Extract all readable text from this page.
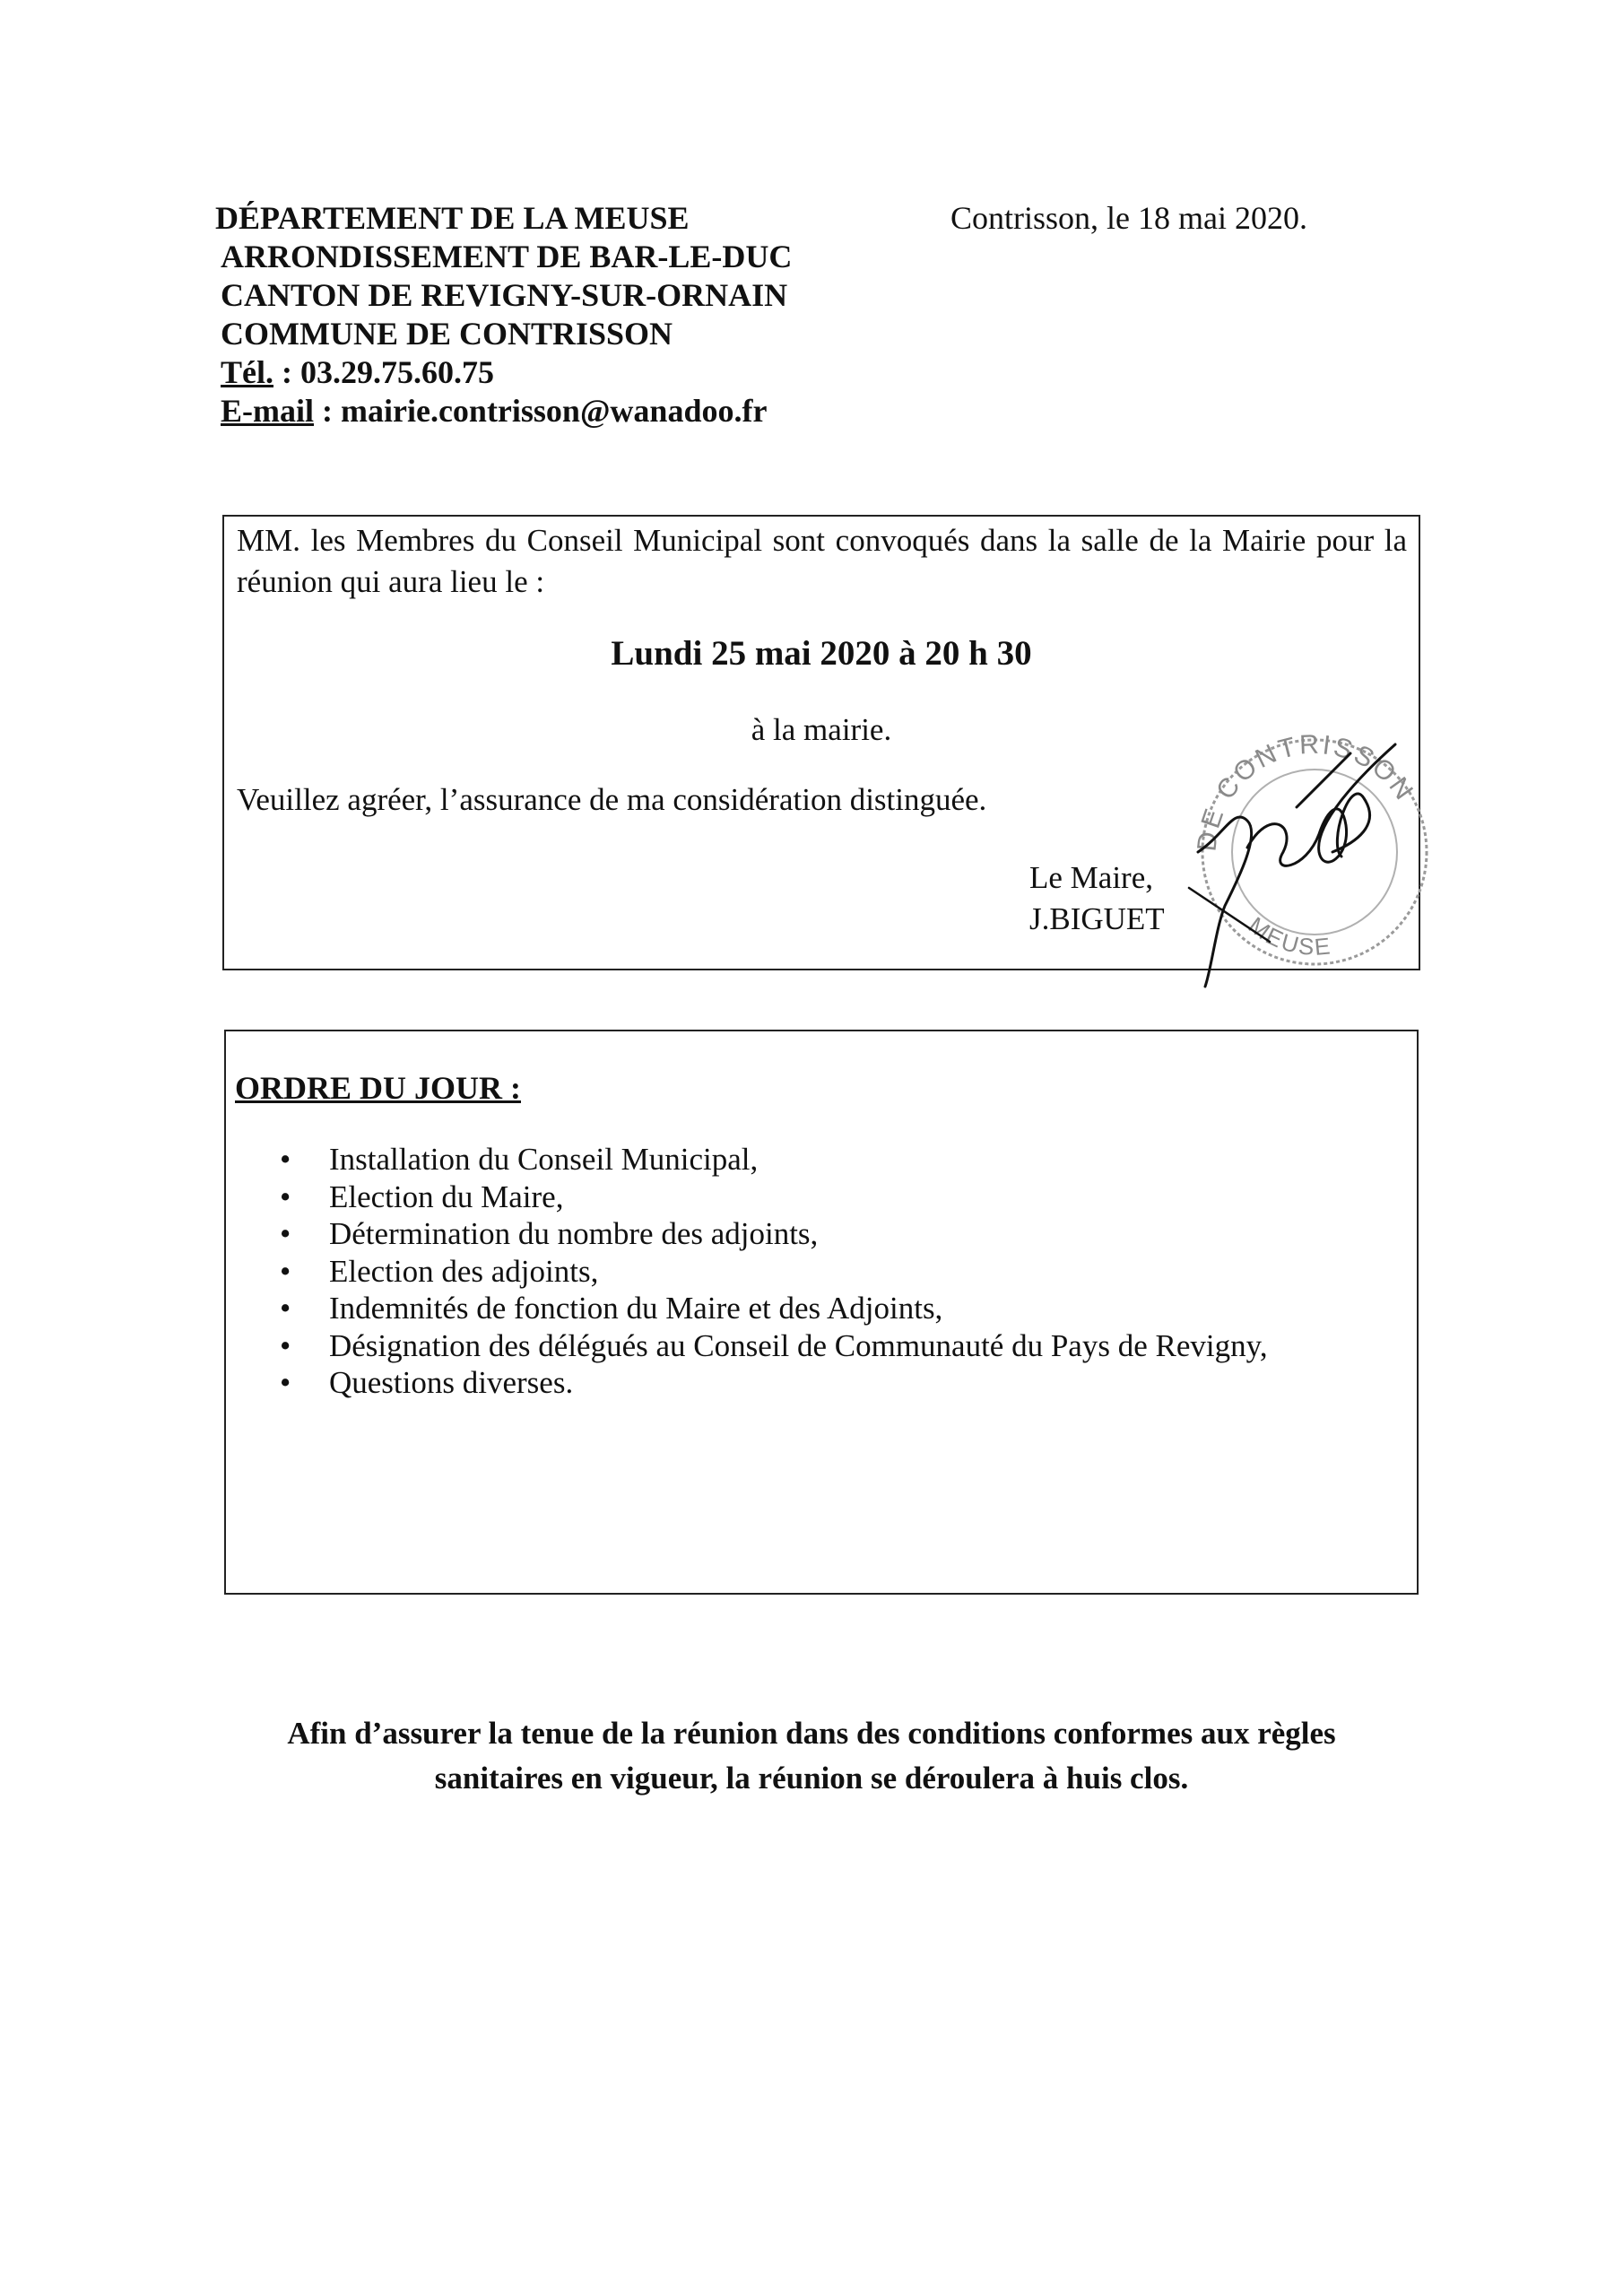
DÉPARTEMENT DE LA MEUSE
ARRONDISSEMENT DE BAR-LE-DUC
CANTON DE REVIGNY-SUR-ORNAIN
COMMUNE DE CONTRISSON
Tél. : 03.29.75.60.75
E-mail : mairie.contrisson@wanadoo.fr
Contrisson, le 18 mai 2020.
MM. les Membres du Conseil Municipal sont convoqués dans la salle de la Mairie pour la réunion qui aura lieu le :
Lundi 25 mai 2020 à 20 h 30
à la mairie.
Veuillez agréer, l’assurance de ma considération distinguée.
Le Maire,
J.BIGUET
DE CONTRISSON
MEUSE
ORDRE DU JOUR :
• Installation du Conseil Municipal,
• Election du Maire,
• Détermination du nombre des adjoints,
• Election des adjoints,
• Indemnités de fonction du Maire et des Adjoints,
• Désignation des délégués au Conseil de Communauté du Pays de Revigny,
• Questions diverses.
Afin d’assurer la tenue de la réunion dans des conditions conformes aux règles
sanitaires en vigueur, la réunion se déroulera à huis clos.
